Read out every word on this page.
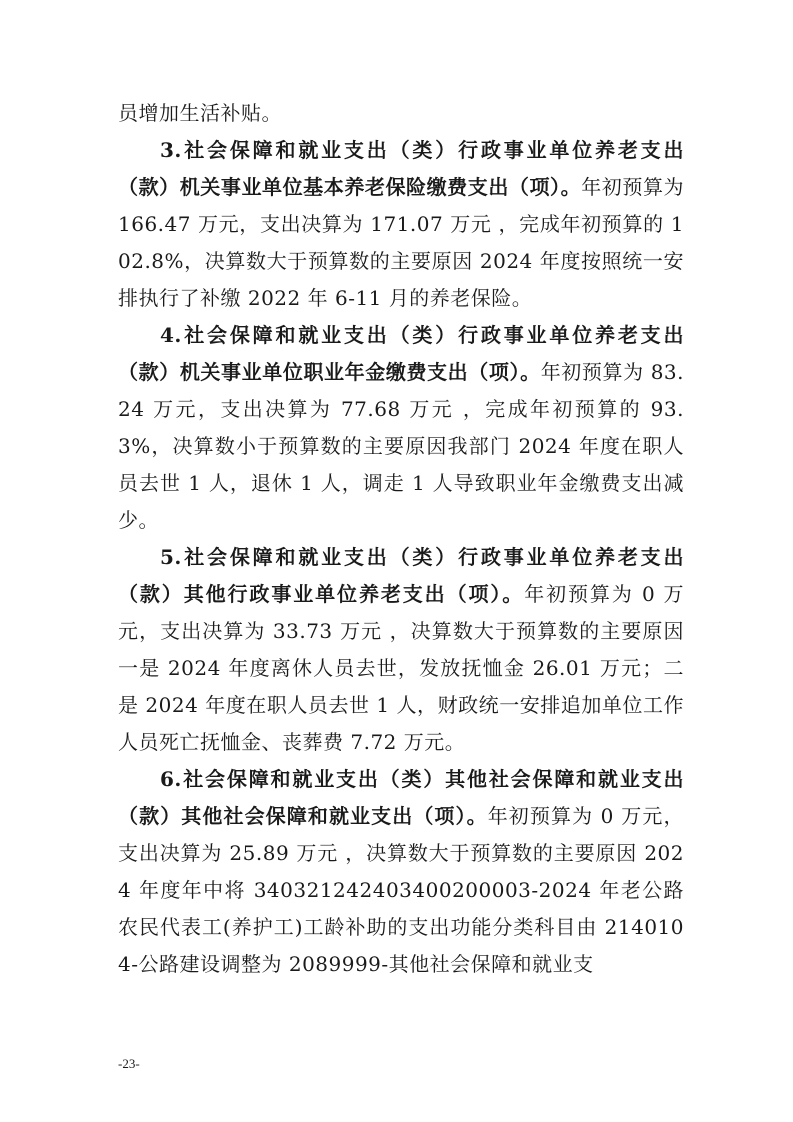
员增加生活补贴。

3.社会保障和就业支出（类）行政事业单位养老支出（款）机关事业单位基本养老保险缴费支出（项）。年初预算为 166.47 万元，支出决算为 171.07 万元 ，完成年初预算的 102.8%，决算数大于预算数的主要原因 2024 年度按照统一安排执行了补缴 2022 年 6-11 月的养老保险。

4.社会保障和就业支出（类）行政事业单位养老支出（款）机关事业单位职业年金缴费支出（项）。年初预算为 83.24 万元，支出决算为 77.68 万元 ，完成年初预算的 93.3%，决算数小于预算数的主要原因我部门 2024 年度在职人员去世 1 人，退休 1 人，调走 1 人导致职业年金缴费支出减少。

5.社会保障和就业支出（类）行政事业单位养老支出（款）其他行政事业单位养老支出（项）。年初预算为 0 万元，支出决算为 33.73 万元 ，决算数大于预算数的主要原因一是 2024 年度离休人员去世，发放抚恤金 26.01 万元；二是 2024 年度在职人员去世 1 人，财政统一安排追加单位工作人员死亡抚恤金、丧葬费 7.72 万元。

6.社会保障和就业支出（类）其他社会保障和就业支出（款）其他社会保障和就业支出（项）。年初预算为 0 万元，支出决算为 25.89 万元 ，决算数大于预算数的主要原因 2024 年度年中将 340321242403400200003-2024 年老公路农民代表工(养护工)工龄补助的支出功能分类科目由 2140104-公路建设调整为 2089999-其他社会保障和就业支

-23-
